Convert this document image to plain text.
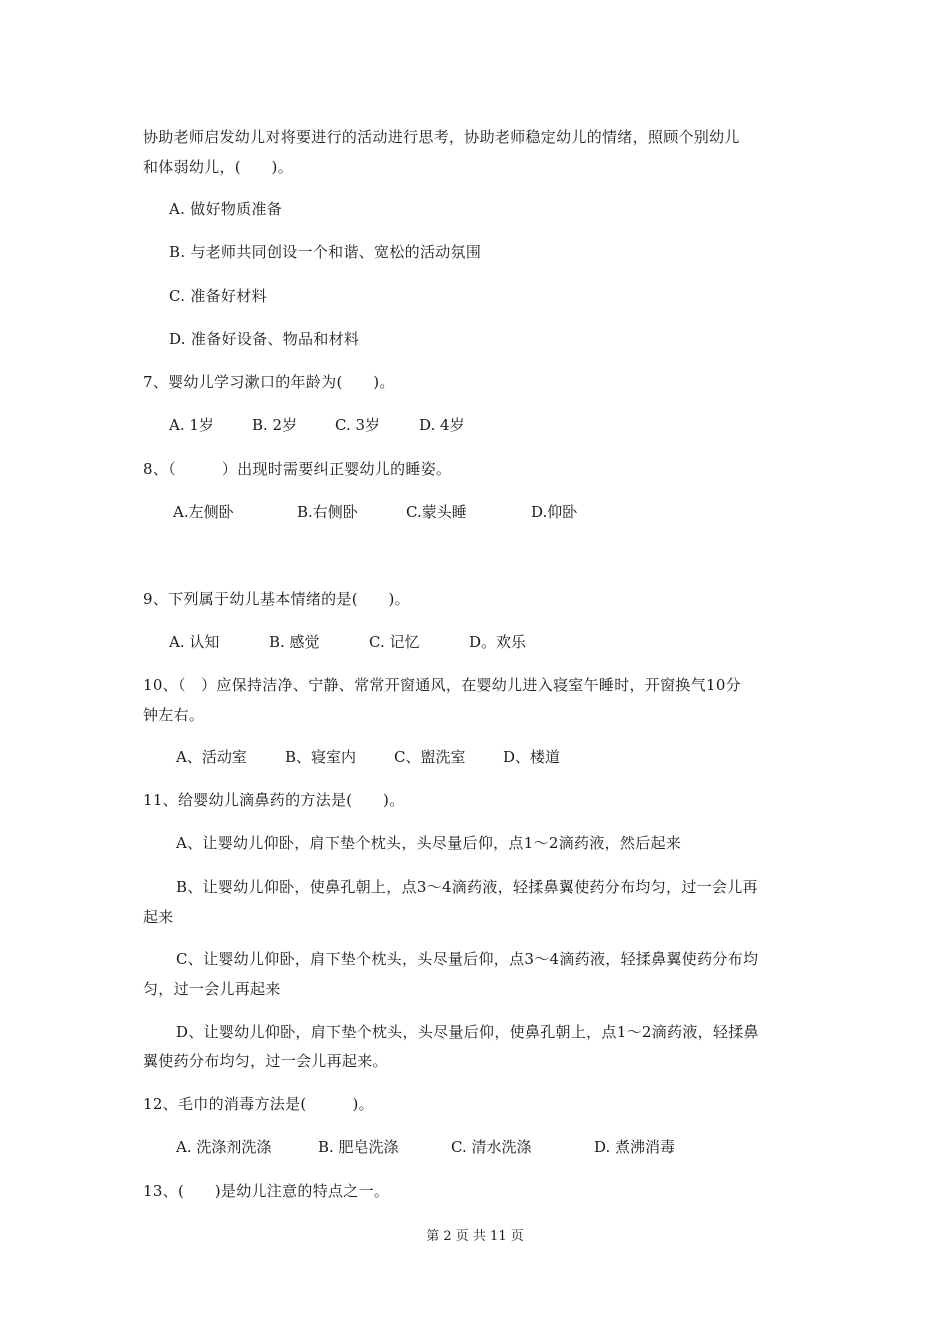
协助老师启发幼儿对将要进行的活动进行思考，协助老师稳定幼儿的情绪，照顾个别幼儿
和体弱幼儿，(　　)。
A. 做好物质准备
B. 与老师共同创设一个和谐、宽松的活动氛围
C. 准备好材料
D. 准备好设备、物品和材料
7、婴幼儿学习漱口的年龄为(　　)。
A. 1岁	B. 2岁	C. 3岁	D. 4岁
8、（　　　）出现时需要纠正婴幼儿的睡姿。
A.左侧卧	B.右侧卧	C.蒙头睡	D.仰卧
9、下列属于幼儿基本情绪的是(　　)。
A. 认知	B. 感觉	C. 记忆	D。欢乐
10、（　）应保持洁净、宁静、常常开窗通风，在婴幼儿进入寝室午睡时，开窗换气10分
钟左右。
A、活动室	B、寝室内	C、盥洗室	D、楼道
11、给婴幼儿滴鼻药的方法是(　　)。
A、让婴幼儿仰卧，肩下垫个枕头，头尽量后仰，点1～2滴药液，然后起来
B、让婴幼儿仰卧，使鼻孔朝上，点3～4滴药液，轻揉鼻翼使药分布均匀，过一会儿再
起来
C、让婴幼儿仰卧，肩下垫个枕头，头尽量后仰，点3～4滴药液，轻揉鼻翼使药分布均
匀，过一会儿再起来
D、让婴幼儿仰卧，肩下垫个枕头，头尽量后仰，使鼻孔朝上，点1～2滴药液，轻揉鼻
翼使药分布均匀，过一会儿再起来。
12、毛巾的消毒方法是(　　　)。
A. 洗涤剂洗涤	B. 肥皂洗涤	C. 清水洗涤	D. 煮沸消毒
13、(　　)是幼儿注意的特点之一。
第 2 页 共 11 页
